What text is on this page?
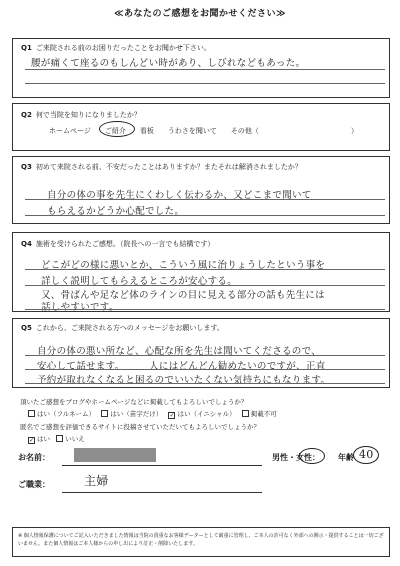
≪あなたのご感想をお聞かせください≫
Q1 ご来院される前のお困りだったことをお聞かせ下さい。
腰が痛くて座るのもしんどい時があり、しびれなどもあった。
Q2 何で当院を知りになりましたか？
ホームページ ご紹介 看板 うわさを聞いて その他（	）
Q3 初めて来院される前、不安だったことはありますか？またそれは解消されましたか？
自分の体の事を先生にくわしく伝わるか、又どこまで聞いて
もらえるかどうか心配でした。
Q4 施術を受けられたご感想。（院長への一言でも結構です）
どこがどの様に悪いとか、こういう風に治りょうしたという事を
詳しく説明してもらえるところが安心する。
又、骨ばんや足など体のラインの目に見える部分の話も先生には
話しやすいです。
Q5 これから、ご来院される方へのメッセージをお願いします。
自分の体の悪い所など、心配な所を先生は聞いてくださるので、
安心して話せます。　　　人にはどんどん勧めたいのですが、正直
予約が取れなくなると困るのでいいたくない気持ちにもなります。
頂いたご感想をブログやホームページなどに掲載してもよろしいでしょうか？
はい（フルネーム） はい（苗字だけ） ✓ はい（イニシャル） 掲載不可
匿名でご感想を評価できるサイトに投稿させていただいてもよろしいでしょうか？
✓ はい いいえ
お名前：	男性・女性： 年齢 40
ご職業：	主婦
※ 個人情報保護についてご記入いただきました情報は当院の貴重なお客様データーとして厳重に管理し、ご本人の許可なく外部への開示・提供することは一切ございません。また個人情報はご本人様からの申し出により訂正・削除いたします。
